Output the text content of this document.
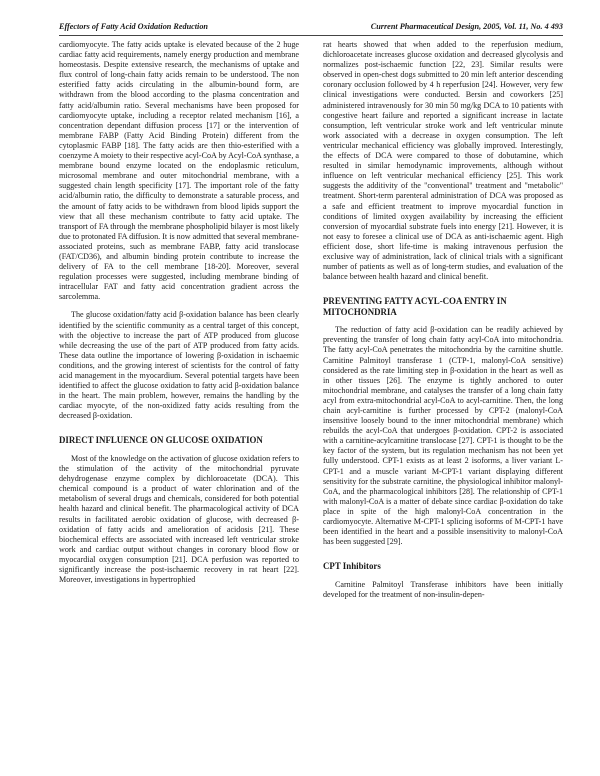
Effectors of Fatty Acid Oxidation Reduction	Current Pharmaceutical Design, 2005, Vol. 11, No. 4 493

cardiomyocyte. The fatty acids uptake is elevated because of the 2 huge cardiac fatty acid requirements, namely energy production and membrane homeostasis. Despite extensive research, the mechanisms of uptake and flux control of long-chain fatty acids remain to be understood. The non esterified fatty acids circulating in the albumin-bound form, are withdrawn from the blood according to the plasma concentration and fatty acid/albumin ratio. Several mechanisms have been proposed for cardiomyocyte uptake, including a receptor related mechanism [16], a concentration dependant diffusion process [17] or the intervention of membrane FABP (Fatty Acid Binding Protein) different from the cytoplasmic FABP [18]. The fatty acids are then thio-esterified with a coenzyme A moiety to their respective acyl-CoA by Acyl-CoA synthase, a membrane bound enzyme located on the endoplasmic reticulum, microsomal membrane and outer mitochondrial membrane, with a suggested chain length specificity [17]. The important role of the fatty acid/albumin ratio, the difficulty to demonstrate a saturable process, and the amount of fatty acids to be withdrawn from blood lipids support the view that all these mechanism contribute to fatty acid uptake. The transport of FA through the membrane phospholipid bilayer is most likely due to protonated FA diffusion. It is now admitted that several membrane-associated proteins, such as membrane FABP, fatty acid translocase (FAT/CD36), and albumin binding protein contribute to increase the delivery of FA to the cell membrane [18-20]. Moreover, several regulation processes were suggested, including membrane binding of intracellular FAT and fatty acid concentration gradient across the sarcolemma.

The glucose oxidation/fatty acid β-oxidation balance has been clearly identified by the scientific community as a central target of this concept, with the objective to increase the part of ATP produced from glucose while decreasing the use of the part of ATP produced from fatty acids. These data outline the importance of lowering β-oxidation in ischaemic conditions, and the growing interest of scientists for the control of fatty acid management in the myocardium. Several potential targets have been identified to affect the glucose oxidation to fatty acid β-oxidation balance in the heart. The main problem, however, remains the handling by the cardiac myocyte, of the non-oxidized fatty acids resulting from the decreased β-oxidation.

DIRECT INFLUENCE ON GLUCOSE OXIDATION

Most of the knowledge on the activation of glucose oxidation refers to the stimulation of the activity of the mitochondrial pyruvate dehydrogenase enzyme complex by dichloroacetate (DCA). This chemical compound is a product of water chlorination and of the metabolism of several drugs and chemicals, considered for both potential health hazard and clinical benefit. The pharmacological activity of DCA results in facilitated aerobic oxidation of glucose, with decreased β-oxidation of fatty acids and amelioration of acidosis [21]. These biochemical effects are associated with increased left ventricular stroke work and cardiac output without changes in coronary blood flow or myocardial oxygen consumption [21]. DCA perfusion was reported to significantly increase the post-ischaemic recovery in rat heart [22]. Moreover, investigations in hypertrophied

rat hearts showed that when added to the reperfusion medium, dichloroacetate increases glucose oxidation and decreased glycolysis and normalizes post-ischaemic function [22, 23]. Similar results were observed in open-chest dogs submitted to 20 min left anterior descending coronary occlusion followed by 4 h reperfusion [24]. However, very few clinical investigations were conducted. Bersin and coworkers [25] administered intravenously for 30 min 50 mg/kg DCA to 10 patients with congestive heart failure and reported a significant increase in lactate consumption, left ventricular stroke work and left ventricular minute work associated with a decrease in oxygen consumption. The left ventricular mechanical efficiency was globally improved. Interestingly, the effects of DCA were compared to those of dobutamine, which resulted in similar hemodynamic improvements, although without influence on left ventricular mechanical efficiency [25]. This work suggests the additivity of the "conventional" treatment and "metabolic" treatment. Short-term parenteral administration of DCA was proposed as a safe and efficient treatment to improve myocardial function in conditions of limited oxygen availability by increasing the efficient conversion of myocardial substrate fuels into energy [21]. However, it is not easy to foresee a clinical use of DCA as anti-ischaemic agent. High efficient dose, short life-time is making intravenous perfusion the exclusive way of administration, lack of clinical trials with a significant number of patients as well as of long-term studies, and evaluation of the balance between health hazard and clinical benefit.

PREVENTING FATTY ACYL-COA ENTRY IN MITOCHONDRIA

The reduction of fatty acid β-oxidation can be readily achieved by preventing the transfer of long chain fatty acyl-CoA into mitochondria. The fatty acyl-CoA penetrates the mitochondria by the carnitine shuttle. Carnitine Palmitoyl transferase 1 (CTP-1, malonyl-CoA sensitive) considered as the rate limiting step in β-oxidation in the heart as well as in other tissues [26]. The enzyme is tightly anchored to outer mitochondrial membrane, and catalyses the transfer of a long chain fatty acyl from extra-mitochondrial acyl-CoA to acyl-carnitine. Then, the long chain acyl-carnitine is further processed by CPT-2 (malonyl-CoA insensitive loosely bound to the inner mitochondrial membrane) which rebuilds the acyl-CoA that undergoes β-oxidation. CPT-2 is associated with a carnitine-acylcarnitine translocase [27]. CPT-1 is thought to be the key factor of the system, but its regulation mechanism has not been yet fully understood. CPT-1 exists as at least 2 isoforms, a liver variant L-CPT-1 and a muscle variant M-CPT-1 variant displaying different sensitivity for the substrate carnitine, the physiological inhibitor malonyl-CoA, and the pharmacological inhibitors [28]. The relationship of CPT-1 with malonyl-CoA is a matter of debate since cardiac β-oxidation do take place in spite of the high malonyl-CoA concentration in the cardiomyocyte. Alternative M-CPT-1 splicing isoforms of M-CPT-1 have been identified in the heart and a possible insensitivity to malonyl-CoA has been suggested [29].

CPT Inhibitors

Carnitine Palmitoyl Transferase inhibitors have been initially developed for the treatment of non-insulin-depen-
